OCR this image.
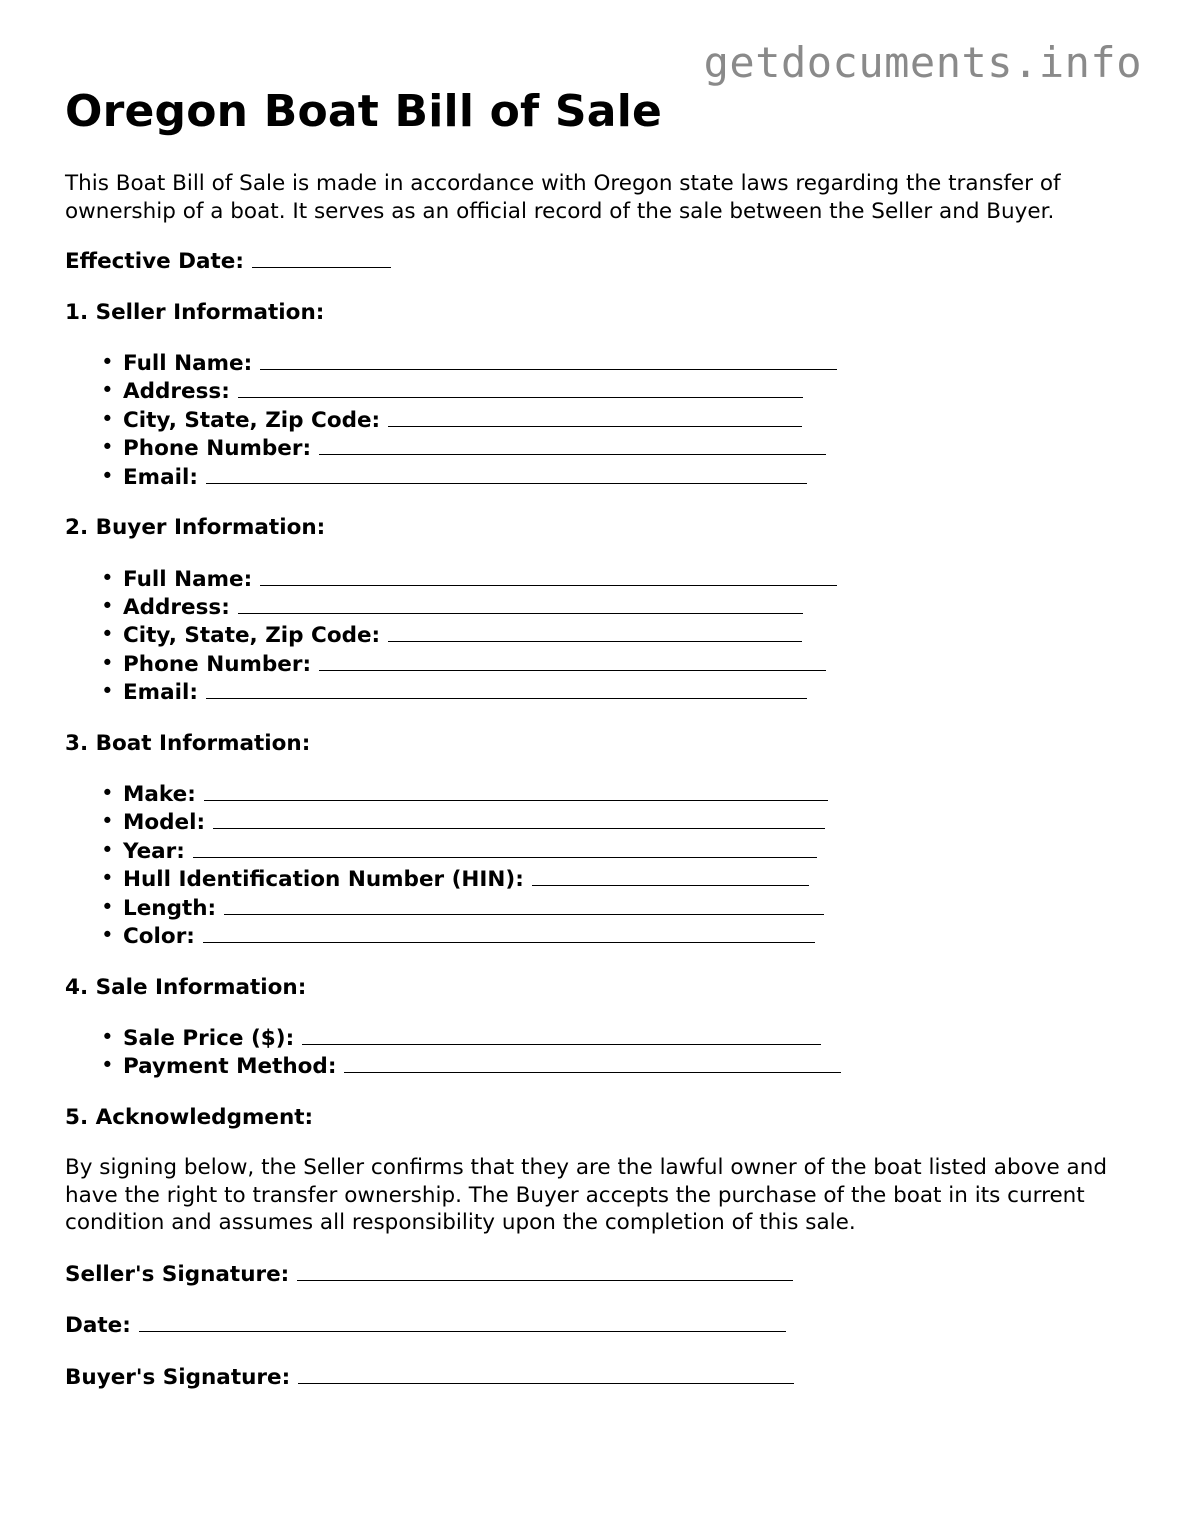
getdocuments.info
Oregon Boat Bill of Sale

This Boat Bill of Sale is made in accordance with Oregon state laws regarding the transfer of ownership of a boat. It serves as an official record of the sale between the Seller and Buyer.

Effective Date:
1. Seller Information:
• Full Name:
• Address:
• City, State, Zip Code:
• Phone Number:
• Email:
2. Buyer Information:
• Full Name:
• Address:
• City, State, Zip Code:
• Phone Number:
• Email:
3. Boat Information:
• Make:
• Model:
• Year:
• Hull Identification Number (HIN):
• Length:
• Color:
4. Sale Information:
• Sale Price ($):
• Payment Method:
5. Acknowledgment:

By signing below, the Seller confirms that they are the lawful owner of the boat listed above and have the right to transfer ownership. The Buyer accepts the purchase of the boat in its current condition and assumes all responsibility upon the completion of this sale.

Seller's Signature:
Date:
Buyer's Signature:
